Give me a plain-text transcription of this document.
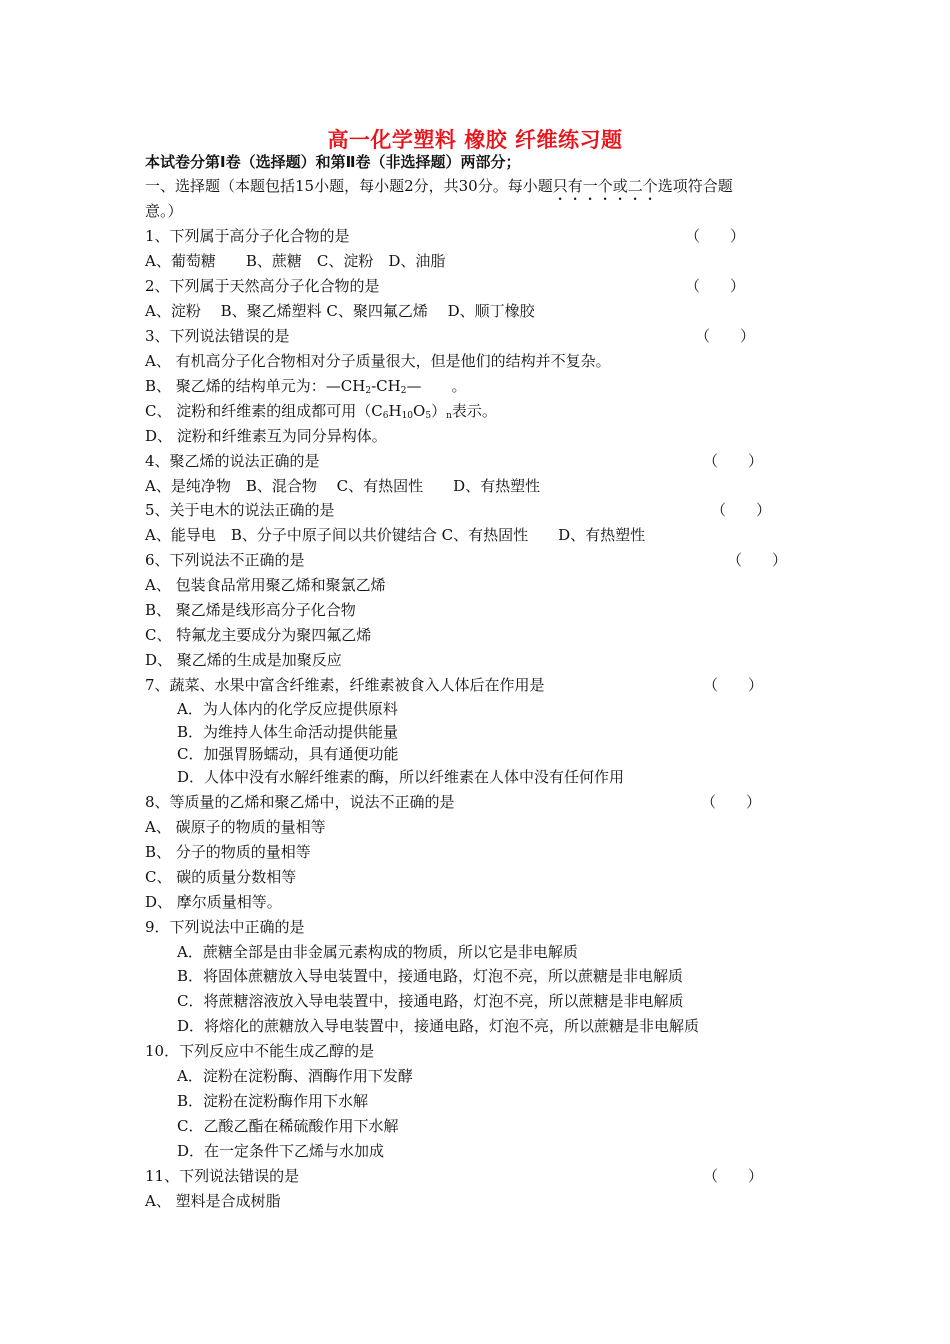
高一化学塑料 橡胶 纤维练习题
本试卷分第Ⅰ卷（选择题）和第Ⅱ卷（非选择题）两部分；
一、选择题（本题包括15小题，每小题2分，共30分。每小题只有一个或二个选项符合题
意。）
1、下列属于高分子化合物的是	（　　）
A、葡萄糖　　B、蔗糖　C、淀粉　D、油脂
2、下列属于天然高分子化合物的是	（　　）
A、淀粉　 B、聚乙烯塑料 C、聚四氟乙烯　 D、顺丁橡胶
3、下列说法错误的是	（　　）
A、 有机高分子化合物相对分子质量很大，但是他们的结构并不复杂。
B、 聚乙烯的结构单元为：$—CH_2-CH_2—$　　。
C、 淀粉和纤维素的组成都可用$(C_6H_{10}O_5)_n$表示。
D、 淀粉和纤维素互为同分异构体。
4、聚乙烯的说法正确的是	（　　）
A、是纯净物　B、混合物　 C、有热固性　　D、有热塑性
5、关于电木的说法正确的是	（　　）
A、能导电　B、分子中原子间以共价键结合 C、有热固性　　D、有热塑性
6、下列说法不正确的是	（　　）
A、 包装食品常用聚乙烯和聚氯乙烯
B、 聚乙烯是线形高分子化合物
C、 特氟龙主要成分为聚四氟乙烯
D、 聚乙烯的生成是加聚反应
7、蔬菜、水果中富含纤维素，纤维素被食入人体后在作用是	（　　）
A．为人体内的化学反应提供原料
B．为维持人体生命活动提供能量
C．加强胃肠蠕动，具有通便功能
D．人体中没有水解纤维素的酶，所以纤维素在人体中没有任何作用
8、等质量的乙烯和聚乙烯中，说法不正确的是	（　　）
A、 碳原子的物质的量相等
B、 分子的物质的量相等
C、 碳的质量分数相等
D、 摩尔质量相等。
9．下列说法中正确的是
A．蔗糖全部是由非金属元素构成的物质，所以它是非电解质
B．将固体蔗糖放入导电装置中，接通电路，灯泡不亮，所以蔗糖是非电解质
C．将蔗糖溶液放入导电装置中，接通电路，灯泡不亮，所以蔗糖是非电解质
D．将熔化的蔗糖放入导电装置中，接通电路，灯泡不亮，所以蔗糖是非电解质
10．下列反应中不能生成乙醇的是
A．淀粉在淀粉酶、酒酶作用下发酵
B．淀粉在淀粉酶作用下水解
C．乙酸乙酯在稀硫酸作用下水解
D．在一定条件下乙烯与水加成
11、下列说法错误的是	（　　）
A、 塑料是合成树脂
